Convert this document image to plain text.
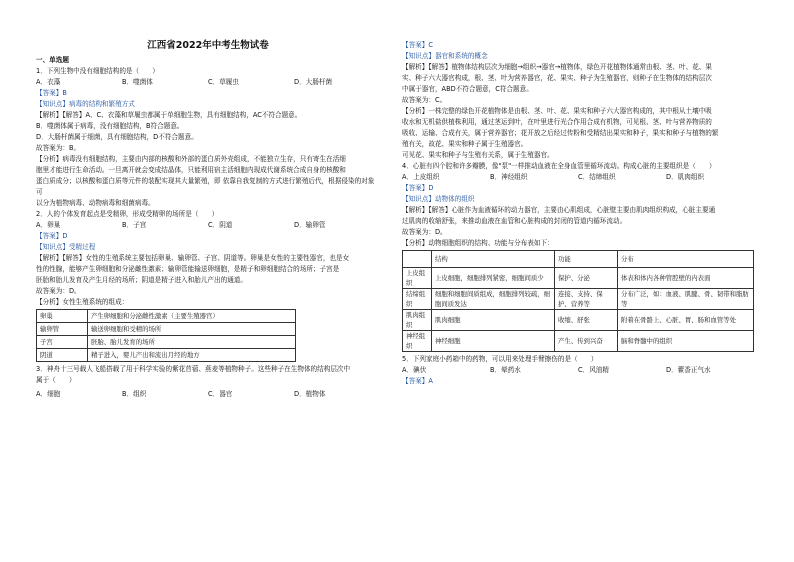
江西省2022年中考生物试卷

一、单选题

1．下列生物中没有细胞结构的是（　　）

A．衣藻	B．噬菌体	C．草履虫	D．大肠杆菌

【答案】B

【知识点】病毒的结构和繁殖方式

【解析】【解答】A、C、衣藻和草履虫都属于单细胞生物，具有细胞结构，AC不符合题意。

B．噬菌体属于病毒，没有细胞结构，B符合题意。

D．大肠杆菌属于细菌，具有细胞结构，D不符合题意。

故答案为：B。

【分析】病毒没有细胞结构，主要由内部的核酸和外部的蛋白质外壳组成，不能独立生存，只有寄生在活细

胞里才能进行生命活动。一旦离开就会变成结晶体，只能利用宿主活细胞内现成代谢系统合成自身的核酸和

蛋白质成分；以核酸和蛋白质等元件的装配实现其大量繁殖，即 依靠自我复制的方式进行繁殖后代，根据侵染的对象可

以分为植物病毒、动物病毒和细菌病毒。

2．人的个体发育起点是受精卵，形成受精卵的场所是（　　）

A．卵巢	B．子宫	C．阴道	D．输卵管

【答案】D

【知识点】受精过程

【解析】【解答】女性的生殖系统主要包括卵巢、输卵管、子宫、阴道等。卵巢是女性的主要性器官，也是女

性的性腺，能够产生卵细胞和分泌雌性激素；输卵管能输送卵细胞，是精子和卵细胞结合的场所；子宫是

胚胎和胎儿发育及产生月经的场所；阴道是精子进入和胎儿产出的通道。

故答案为：D。

【分析】女性生殖系统的组成：

卵巢	产生卵细胞和分泌雌性激素（主要生殖器官）
输卵管	输送卵细胞和受精的场所
子宫	胚胎、胎儿发育的场所
阴道	精子进入，婴儿产出和流出月经的地方

3．神舟十三号载人飞船搭载了用于科学实验的紫花苜蓿、燕麦等植物种子。这些种子在生物体的结构层次中

属于（　　）

A．细胞	B．组织	C．器官	D．植物体

【答案】C

【知识点】器官和系统的概念

【解析】【解答】植物体结构层次为细胞→组织→器官→植物体，绿色开花植物体通常由根、茎、叶、花、果

实、种子六大器官构成，根、茎、叶为营养器官，花、果实、种子为生殖器官，则种子在生物体的结构层次

中属于器官，ABD不符合题意，C符合题意。

故答案为：C。

【分析】一株完整的绿色开花植物体是由根、茎、叶、花、果实和种子六大器官构成的，其中根从土壤中吸

收水和无机盐供植株利用，通过茎运到叶，在叶里进行光合作用合成有机物，可见根、茎、叶与营养物质的

吸收、运输、合成有关，属于营养器官；花开放之后经过传粉和受精结出果实和种子，果实和种子与植物的繁

殖有关，故花、果实和种子属于生殖器官。

可见花、果实和种子与生殖有关系，属于生殖器官。

4．心脏有四个腔和许多瓣膜，像"泵"一样推动血液在全身血管里循环流动。构成心脏的主要组织是（　　）

A．上皮组织	B．神经组织	C．结缔组织	D．肌肉组织

【答案】D

【知识点】动物体的组织

【解析】【解答】心脏作为血液循环的动力器官，主要由心肌组成，心脏壁主要由肌肉组织构成，心脏主要通

过肌肉的收缩舒张，来推动血液在血管和心脏构成的封闭的管道内循环流动。

故答案为：D。

【分析】动物细胞组织的结构、功能与分布表如下：

	结构	功能	分布
上皮组织	上皮细胞，细胞排列紧密，细胞间质少	保护、分泌	体表和体内各种管腔壁的内表面
结缔组织	细胞和细胞间质组成，细胞排列较疏，细胞间质发达	连接、支持、保护、营养等	分布广泛，如：血液、肌腱、骨、韧带和脂肪等
肌肉组织	肌肉细胞	收缩、舒张	附着在骨骼上、心脏、胃、肠和血管等处
神经组织	神经细胞	产生、传到兴奋	脑和脊髓中的组织

5．下列家庭小药箱中的药物，可以用来处理手臂擦伤的是（　　）

A．碘伏	B．晕药水	C．风油精	D．藿香正气水

【答案】A
